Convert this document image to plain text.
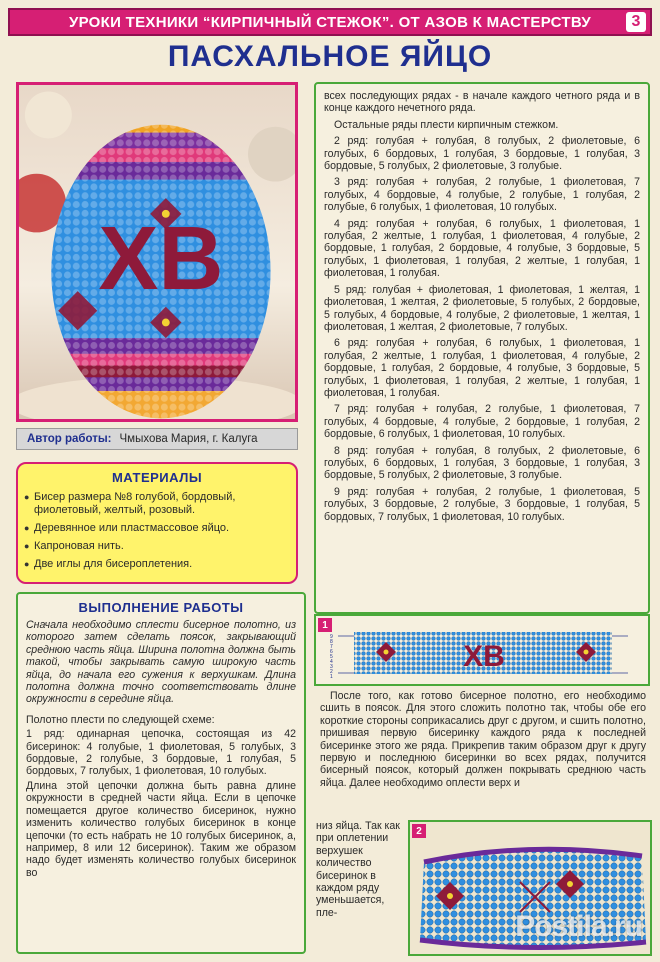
УРОКИ ТЕХНИКИ “КИРПИЧНЫЙ СТЕЖОК”. ОТ АЗОВ К МАСТЕРСТВУ	3
ПАСХАЛЬНОЕ ЯЙЦО
ХВ
Автор работы: Чмыхова Мария, г. Калуга
МАТЕРИАЛЫ
● Бисер размера №8 голубой, бордовый, фиолетовый, желтый, розовый.
● Деревянное или пластмассовое яйцо.
● Капроновая нить.
● Две иглы для бисероплетения.
ВЫПОЛНЕНИЕ РАБОТЫ

Сначала необходимо сплести бисерное полотно, из которого затем сделать поясок, закрывающий среднюю часть яйца. Ширина полотна должна быть такой, чтобы закрывать самую широкую часть яйца, до начала его сужения к верхушкам. Длина полотна должна точно соответствовать длине окружности в середине яйца.

Полотно плести по следующей схеме:

1 ряд: одинарная цепочка, состоящая из 42 бисеринок: 4 голубые, 1 фиолетовая, 5 голубых, 3 бордовые, 2 голубые, 3 бордовые, 1 голубая, 5 бордовых, 7 голубых, 1 фиолетовая, 10 голубых.

Длина этой цепочки должна быть равна длине окружности в средней части яйца. Если в цепочке помещается другое количество бисеринок, нужно изменить количество голубых бисеринок в конце цепочки (то есть набрать не 10 голубых бисеринок, а, например, 8 или 12 бисеринок). Таким же образом надо будет изменять количество голубых бисеринок во

всех последующих рядах - в начале каждого четного ряда и в конце каждого нечетного ряда.

Остальные ряды плести кирпичным стежком.

2 ряд: голубая + голубая, 8 голубых, 2 фиолетовые, 6 голубых, 6 бордовых, 1 голубая, 3 бордовые, 1 голубая, 3 бордовые, 5 голубых, 2 фиолетовые, 3 голубые.

3 ряд: голубая + голубая, 2 голубые, 1 фиолетовая, 7 голубых, 4 бордовые, 4 голубые, 2 голубые, 1 голубая, 2 голубые, 6 голубых, 1 фиолетовая, 10 голубых.

4 ряд: голубая + голубая, 6 голубых, 1 фиолетовая, 1 голубая, 2 желтые, 1 голубая, 1 фиолетовая, 4 голубые, 2 бордовые, 1 голубая, 2 бордовые, 4 голубые, 3 бордовые, 5 голубых, 1 фиолетовая, 1 голубая, 2 желтые, 1 голубая, 1 фиолетовая, 1 голубая.

5 ряд: голубая + фиолетовая, 1 фиолетовая, 1 желтая, 1 фиолетовая, 1 желтая, 2 фиолетовые, 5 голубых, 2 бордовые, 5 голубых, 4 бордовые, 4 голубые, 2 фиолетовые, 1 желтая, 1 фиолетовая, 1 желтая, 2 фиолетовые, 7 голубых.

6 ряд: голубая + голубая, 6 голубых, 1 фиолетовая, 1 голубая, 2 желтые, 1 голубая, 1 фиолетовая, 4 голубые, 2 бордовые, 1 голубая, 2 бордовые, 4 голубые, 3 бордовые, 5 голубых, 1 фиолетовая, 1 голубая, 2 желтые, 1 голубая, 1 фиолетовая, 1 голубая.

7 ряд: голубая + голубая, 2 голубые, 1 фиолетовая, 7 голубых, 4 бордовые, 4 голубые, 2 бордовые, 1 голубая, 2 бордовые, 6 голубых, 1 фиолетовая, 10 голубых.

8 ряд: голубая + голубая, 8 голубых, 2 фиолетовые, 6 голубых, 6 бордовых, 1 голубая, 3 бордовые, 1 голубая, 3 бордовые, 5 голубых, 2 фиолетовые, 3 голубые.

9 ряд: голубая + голубая, 2 голубые, 1 фиолетовая, 5 голубых, 3 бордовые, 2 голубые, 3 бордовые, 1 голубая, 5 бордовых, 7 голубых, 1 фиолетовая, 10 голубых.

1
ХВ
9
8
7
6
5
4
3
2
1

После того, как готово бисерное полотно, его необходимо сшить в поясок. Для этого сложить полотно так, чтобы обе его короткие стороны соприкасались друг с другом, и сшить полотно, пришивая первую бисеринку каждого ряда к последней бисеринке этого же ряда. Прикрепив таким образом друг к другу первую и последнюю бисеринки во всех рядах, получится бисерный поясок, который должен покрывать среднюю часть яйца. Далее необходимо оплести верх и

низ яйца. Так как при оплетении верхушек количество бисеринок в каждом ряду уменьшается, пле-

2
Postila.ru
